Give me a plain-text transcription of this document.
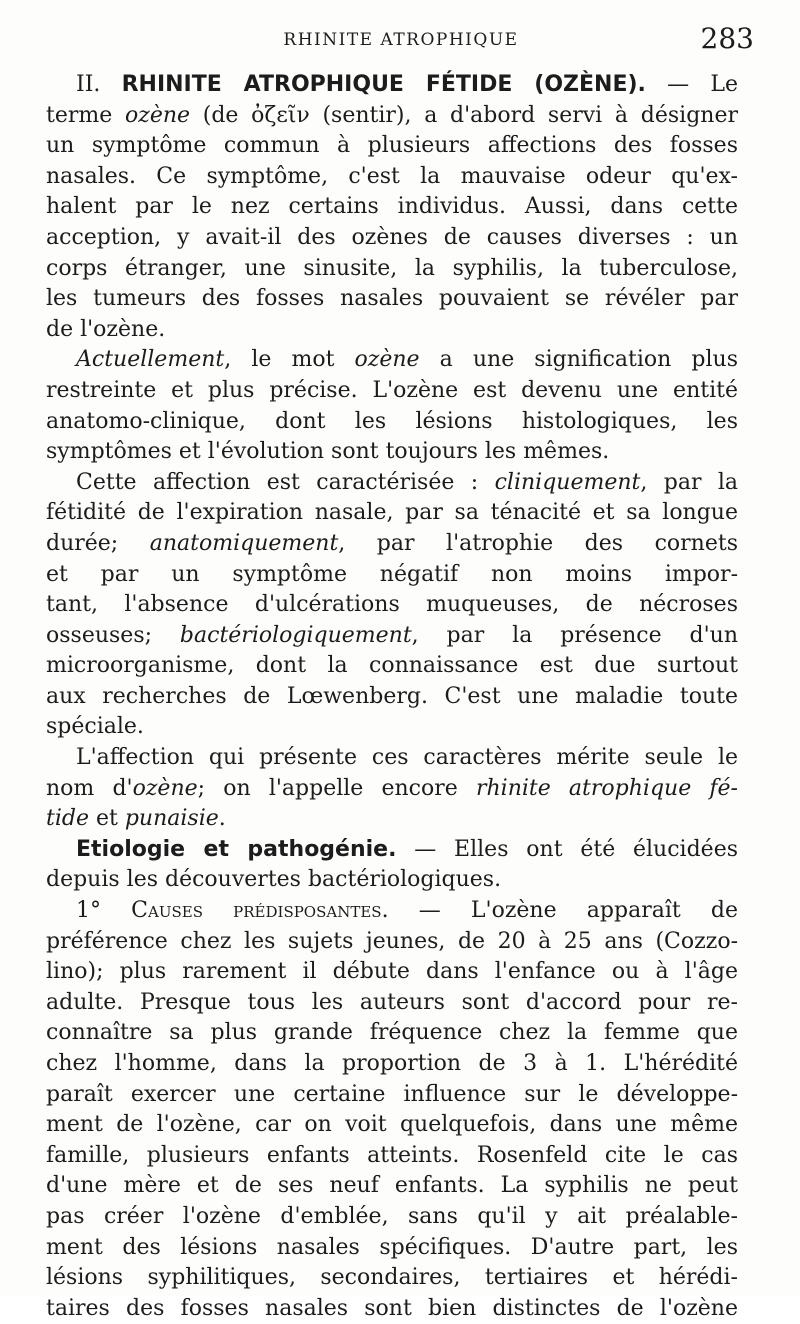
RHINITE ATROPHIQUE	283
II. RHINITE ATROPHIQUE FÉTIDE (OZÈNE). — Le
terme ozène (de ὀζεῖν (sentir), a d'abord servi à désigner
un symptôme commun à plusieurs affections des fosses
nasales. Ce symptôme, c'est la mauvaise odeur qu'ex-
halent par le nez certains individus. Aussi, dans cette
acception, y avait-il des ozènes de causes diverses : un
corps étranger, une sinusite, la syphilis, la tuberculose,
les tumeurs des fosses nasales pouvaient se révéler par
de l'ozène.
Actuellement, le mot ozène a une signification plus
restreinte et plus précise. L'ozène est devenu une entité
anatomo-clinique, dont les lésions histologiques, les
symptômes et l'évolution sont toujours les mêmes.
Cette affection est caractérisée : cliniquement, par la
fétidité de l'expiration nasale, par sa ténacité et sa longue
durée; anatomiquement, par l'atrophie des cornets
et par un symptôme négatif non moins impor-
tant, l'absence d'ulcérations muqueuses, de nécroses
osseuses; bactériologiquement, par la présence d'un
microorganisme, dont la connaissance est due surtout
aux recherches de Lœwenberg. C'est une maladie toute
spéciale.
L'affection qui présente ces caractères mérite seule le
nom d'ozène; on l'appelle encore rhinite atrophique fé-
tide et punaisie.
Etiologie et pathogénie. — Elles ont été élucidées
depuis les découvertes bactériologiques.
1° Causes prédisposantes. — L'ozène apparaît de
préférence chez les sujets jeunes, de 20 à 25 ans (Cozzo-
lino); plus rarement il débute dans l'enfance ou à l'âge
adulte. Presque tous les auteurs sont d'accord pour re-
connaître sa plus grande fréquence chez la femme que
chez l'homme, dans la proportion de 3 à 1. L'hérédité
paraît exercer une certaine influence sur le développe-
ment de l'ozène, car on voit quelquefois, dans une même
famille, plusieurs enfants atteints. Rosenfeld cite le cas
d'une mère et de ses neuf enfants. La syphilis ne peut
pas créer l'ozène d'emblée, sans qu'il y ait préalable-
ment des lésions nasales spécifiques. D'autre part, les
lésions syphilitiques, secondaires, tertiaires et hérédi-
taires des fosses nasales sont bien distinctes de l'ozène
